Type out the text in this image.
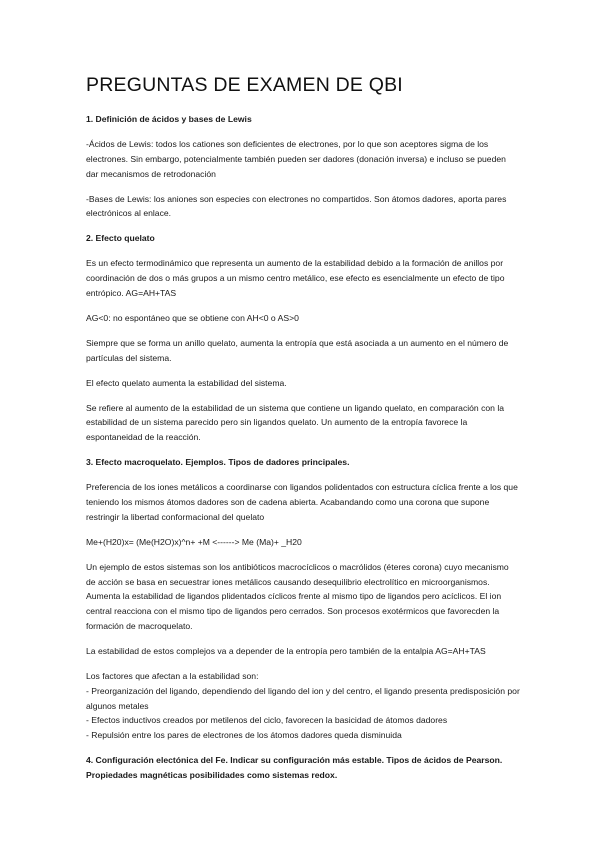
PREGUNTAS DE EXAMEN DE QBI
1. Definición de ácidos y bases de Lewis

-Ácidos de Lewis: todos los cationes son deficientes de electrones, por lo que son aceptores sigma de los electrones. Sin embargo, potencialmente también pueden ser dadores (donación inversa) e incluso se pueden dar mecanismos de retrodonación

-Bases de Lewis: los aniones son especies con electrones no compartidos. Son átomos dadores, aporta pares electrónicos al enlace.

2. Efecto quelato

Es un efecto termodinámico que representa un aumento de la estabilidad debido a la formación de anillos por coordinación de dos o más grupos a un mismo centro metálico, ese efecto es esencialmente un efecto de tipo entrópico. AG=AH+TAS

AG<0: no espontáneo que se obtiene con AH<0 o AS>0

Siempre que se forma un anillo quelato, aumenta la entropía que está asociada a un aumento en el número de partículas del sistema.

El efecto quelato aumenta la estabilidad del sistema.

Se refiere al aumento de la estabilidad de un sistema que contiene un ligando quelato, en comparación con la estabilidad de un sistema parecido pero sin ligandos quelato. Un aumento de la entropía favorece la espontaneidad de la reacción.

3. Efecto macroquelato. Ejemplos. Tipos de dadores principales.

Preferencia de los iones metálicos a coordinarse con ligandos polidentados con estructura cíclica frente a los que teniendo los mismos átomos dadores son de cadena abierta. Acabandando como una corona que supone restringir la libertad conformacional del quelato

Me+(H20)x= (Me(H2O)x)^n+ +M <------> Me (Ma)+ _H20

Un ejemplo de estos sistemas son los antibióticos macrocíclicos o macrólidos (éteres corona) cuyo mecanismo de acción se basa en secuestrar iones metálicos causando desequilibrio electrolítico en microorganismos. Aumenta la estabilidad de ligandos plidentados cíclicos frente al mismo tipo de ligandos pero acíclicos. El ion central reacciona con el mismo tipo de ligandos pero cerrados. Son procesos exotérmicos que favorecden la formación de macroquelato.

La estabilidad de estos complejos va a depender de la entropía pero también de la entalpia AG=AH+TAS

Los factores que afectan a la estabilidad son:
- Preorganización del ligando, dependiendo del ligando del ion y del centro, el ligando presenta predisposición por algunos metales
- Efectos inductivos creados por metilenos del ciclo, favorecen la basicidad de átomos dadores
- Repulsión entre los pares de electrones de los átomos dadores queda disminuida
4. Configuración electónica del Fe. Indicar su configuración más estable. Tipos de ácidos de Pearson. Propiedades magnéticas posibilidades como sistemas redox.
